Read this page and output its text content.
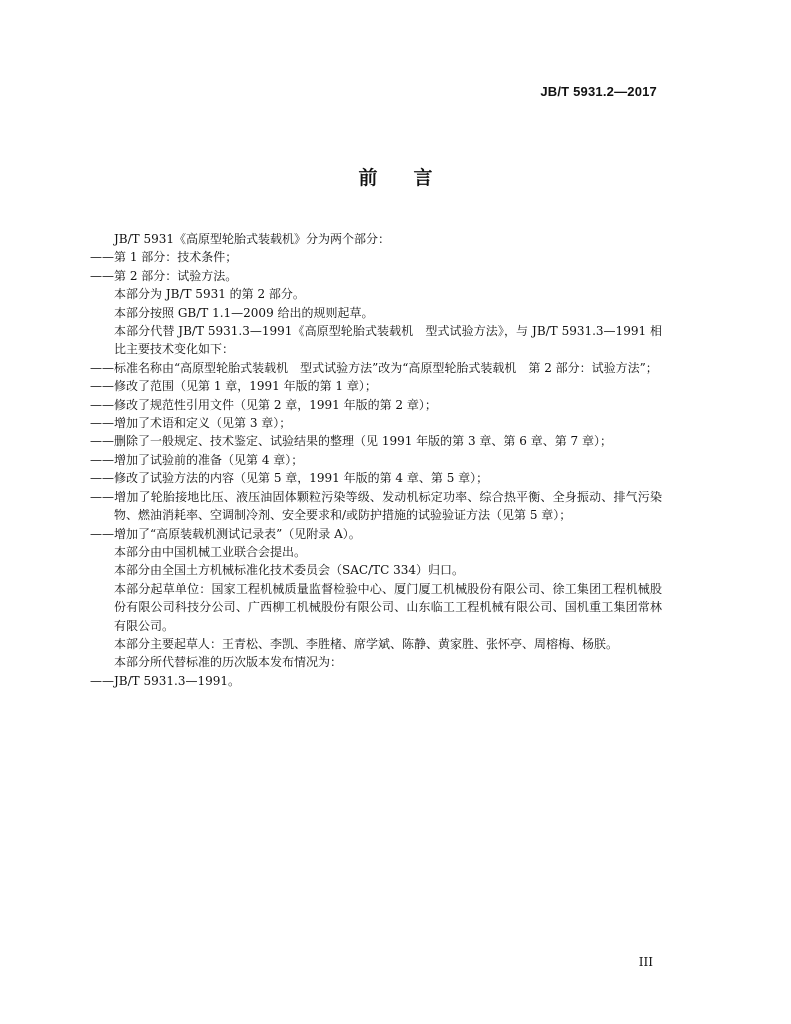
JB/T 5931.2—2017
前言

JB/T 5931《高原型轮胎式装载机》分为两个部分：

——第 1 部分：技术条件；

——第 2 部分：试验方法。

本部分为 JB/T 5931 的第 2 部分。

本部分按照 GB/T 1.1—2009 给出的规则起草。

本部分代替 JB/T 5931.3—1991《高原型轮胎式装载机　型式试验方法》，与 JB/T 5931.3—1991 相比主要技术变化如下：

——标准名称由“高原型轮胎式装载机　型式试验方法”改为“高原型轮胎式装载机　第 2 部分：试验方法”；

——修改了范围（见第 1 章，1991 年版的第 1 章）；

——修改了规范性引用文件（见第 2 章，1991 年版的第 2 章）；

——增加了术语和定义（见第 3 章）；

——删除了一般规定、技术鉴定、试验结果的整理（见 1991 年版的第 3 章、第 6 章、第 7 章）；

——增加了试验前的准备（见第 4 章）；

——修改了试验方法的内容（见第 5 章，1991 年版的第 4 章、第 5 章）；

——增加了轮胎接地比压、液压油固体颗粒污染等级、发动机标定功率、综合热平衡、全身振动、排气污染物、燃油消耗率、空调制冷剂、安全要求和/或防护措施的试验验证方法（见第 5 章）；

——增加了“高原装载机测试记录表”（见附录 A）。

本部分由中国机械工业联合会提出。

本部分由全国土方机械标准化技术委员会（SAC/TC 334）归口。

本部分起草单位：国家工程机械质量监督检验中心、厦门厦工机械股份有限公司、徐工集团工程机械股份有限公司科技分公司、广西柳工机械股份有限公司、山东临工工程机械有限公司、国机重工集团常林有限公司。

本部分主要起草人：王青松、李凯、李胜楮、席学斌、陈静、黄家胜、张怀亭、周榕梅、杨朕。

本部分所代替标准的历次版本发布情况为：

——JB/T 5931.3—1991。

III
